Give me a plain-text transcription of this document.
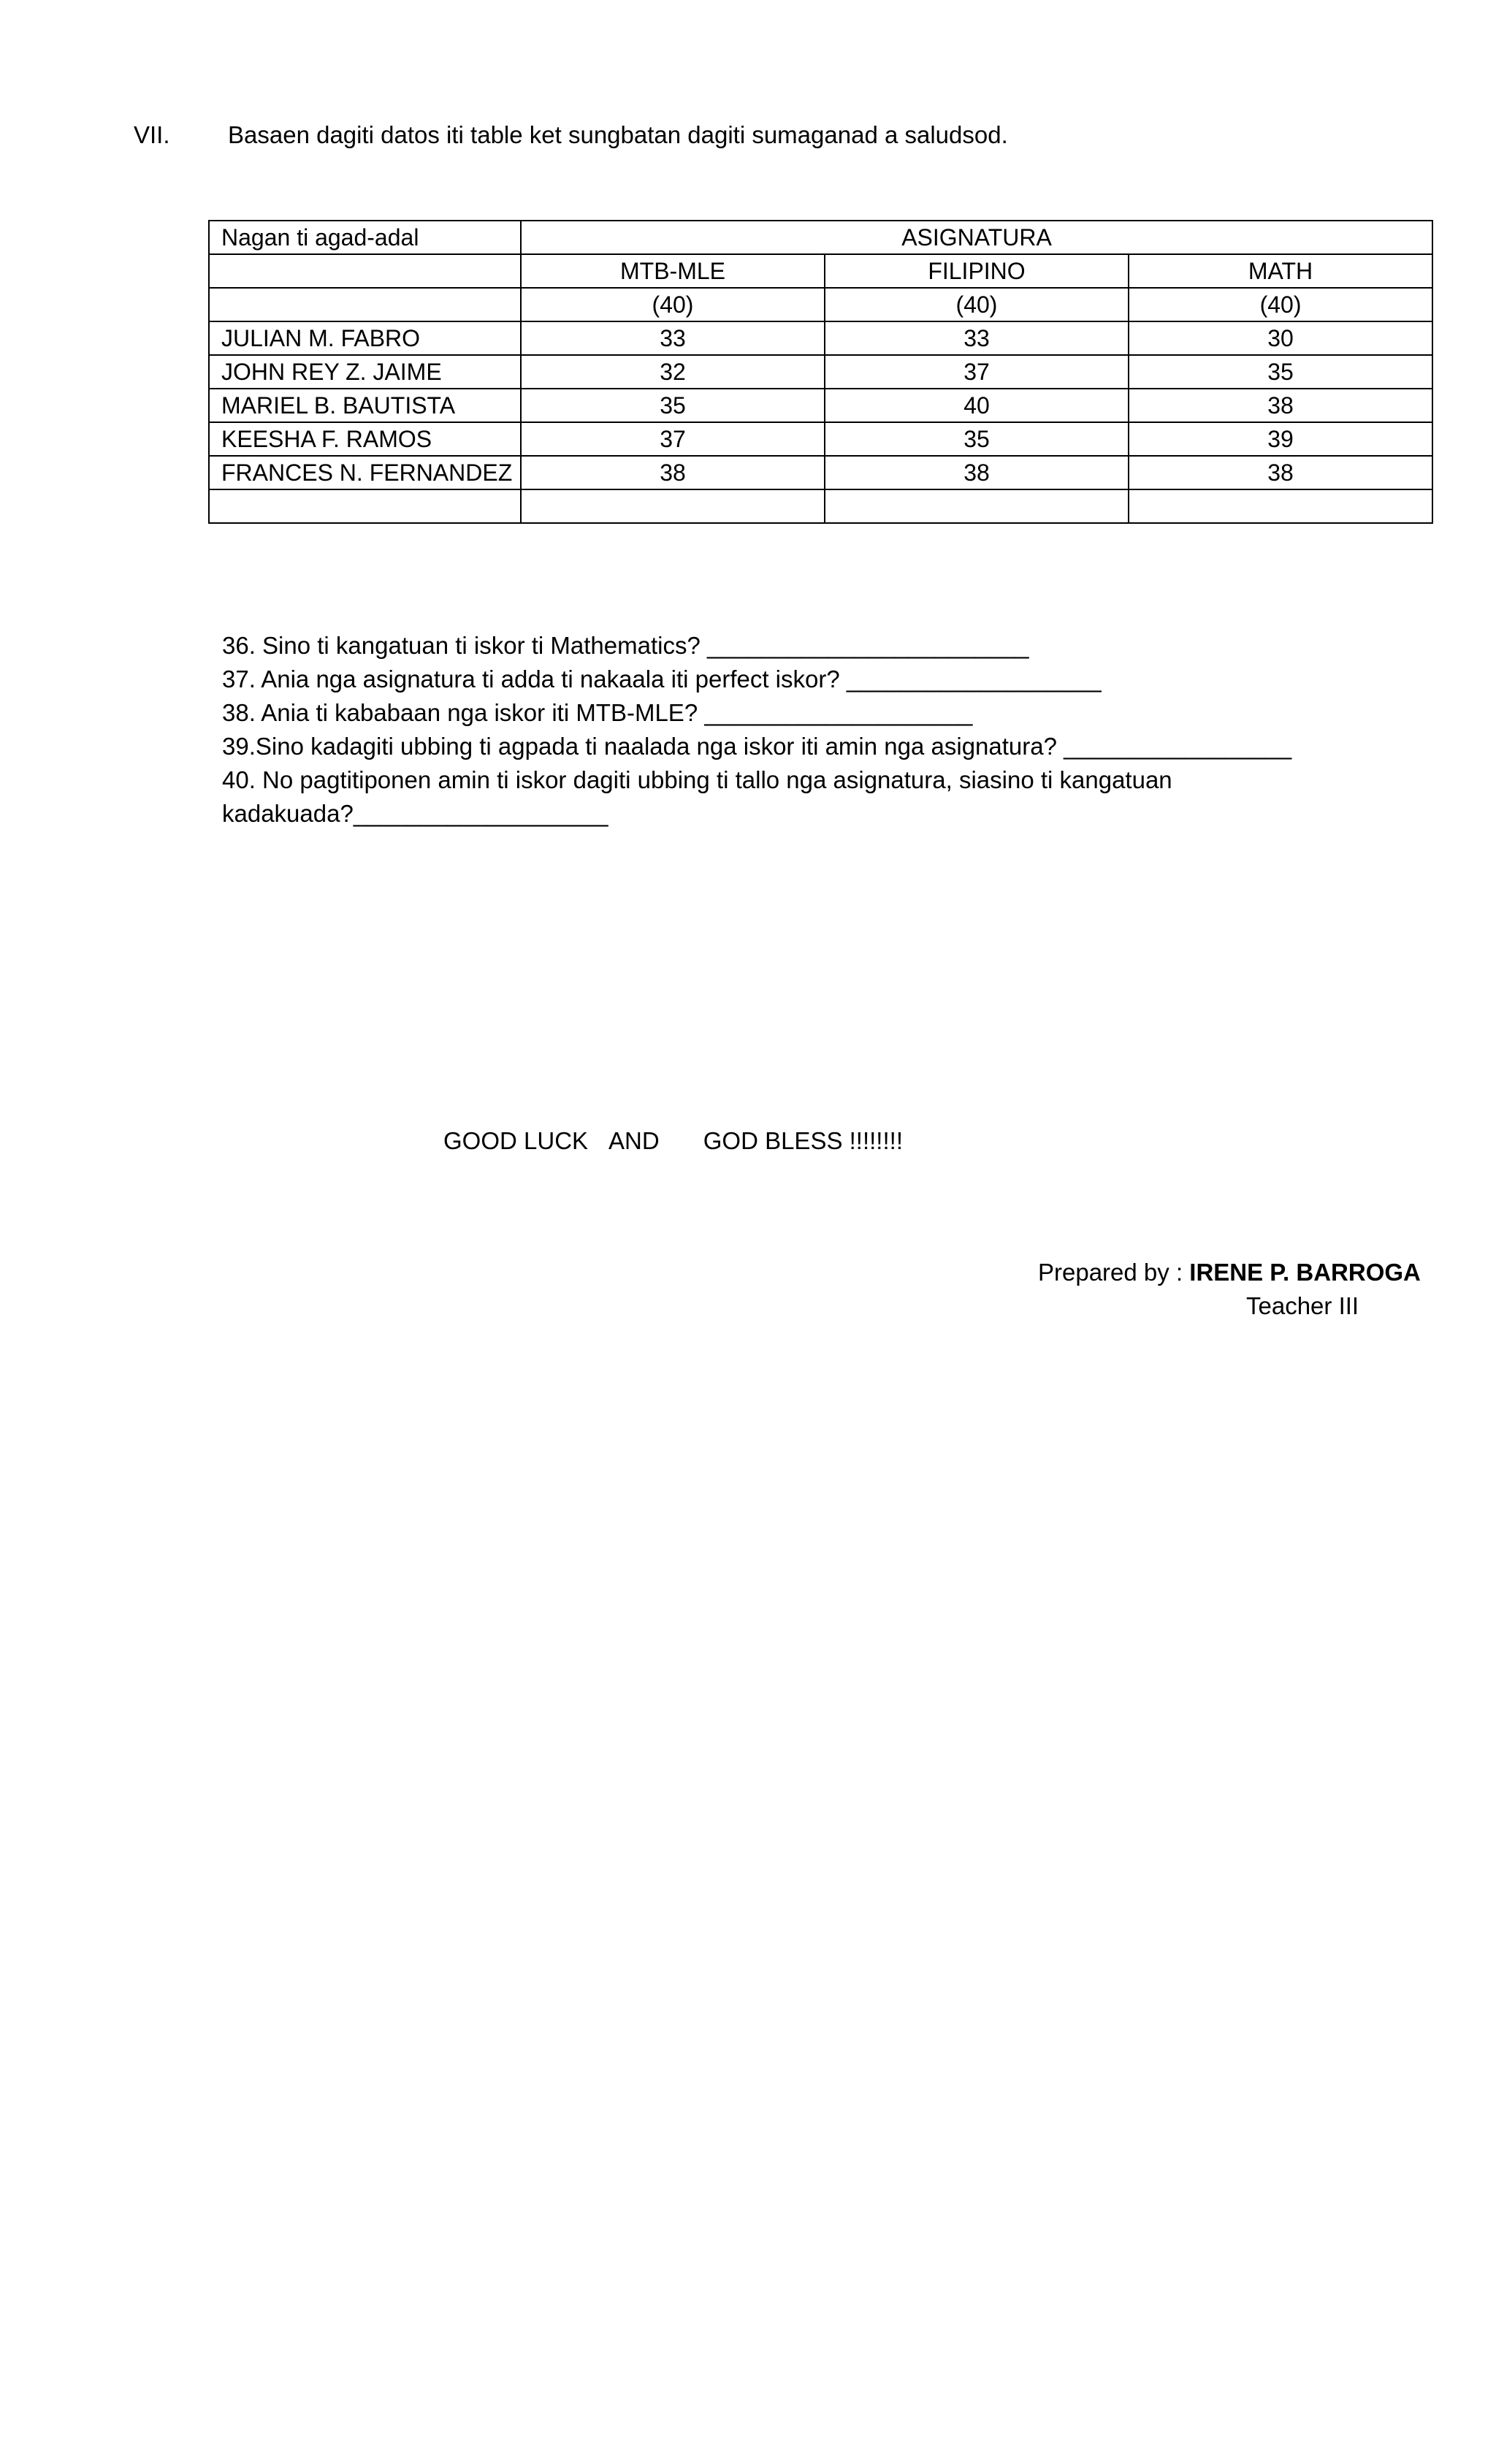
VII. Basaen dagiti datos iti table ket sungbatan dagiti sumaganad a saludsod.
Nagan ti agad-adal	ASIGNATURA		
	MTB-MLE	FILIPINO	MATH
	(40)	(40)	(40)
JULIAN M. FABRO	33	33	30
JOHN REY Z. JAIME	32	37	35
MARIEL B. BAUTISTA	35	40	38
KEESHA F. RAMOS	37	35	39
FRANCES N. FERNANDEZ	38	38	38

36. Sino ti kangatuan ti iskor ti Mathematics? ________________________
37. Ania nga asignatura ti adda ti nakaala iti perfect iskor? ___________________
38. Ania ti kababaan nga iskor iti MTB-MLE? ____________________
39.Sino kadagiti ubbing ti agpada ti naalada nga iskor iti amin nga asignatura? _________________
40. No pagtitiponen amin ti iskor dagiti ubbing ti tallo nga asignatura, siasino ti kangatuan
kadakuada?___________________
GOOD LUCK AND GOD BLESS !!!!!!!!
Prepared by : IRENE P. BARROGA
Teacher III
